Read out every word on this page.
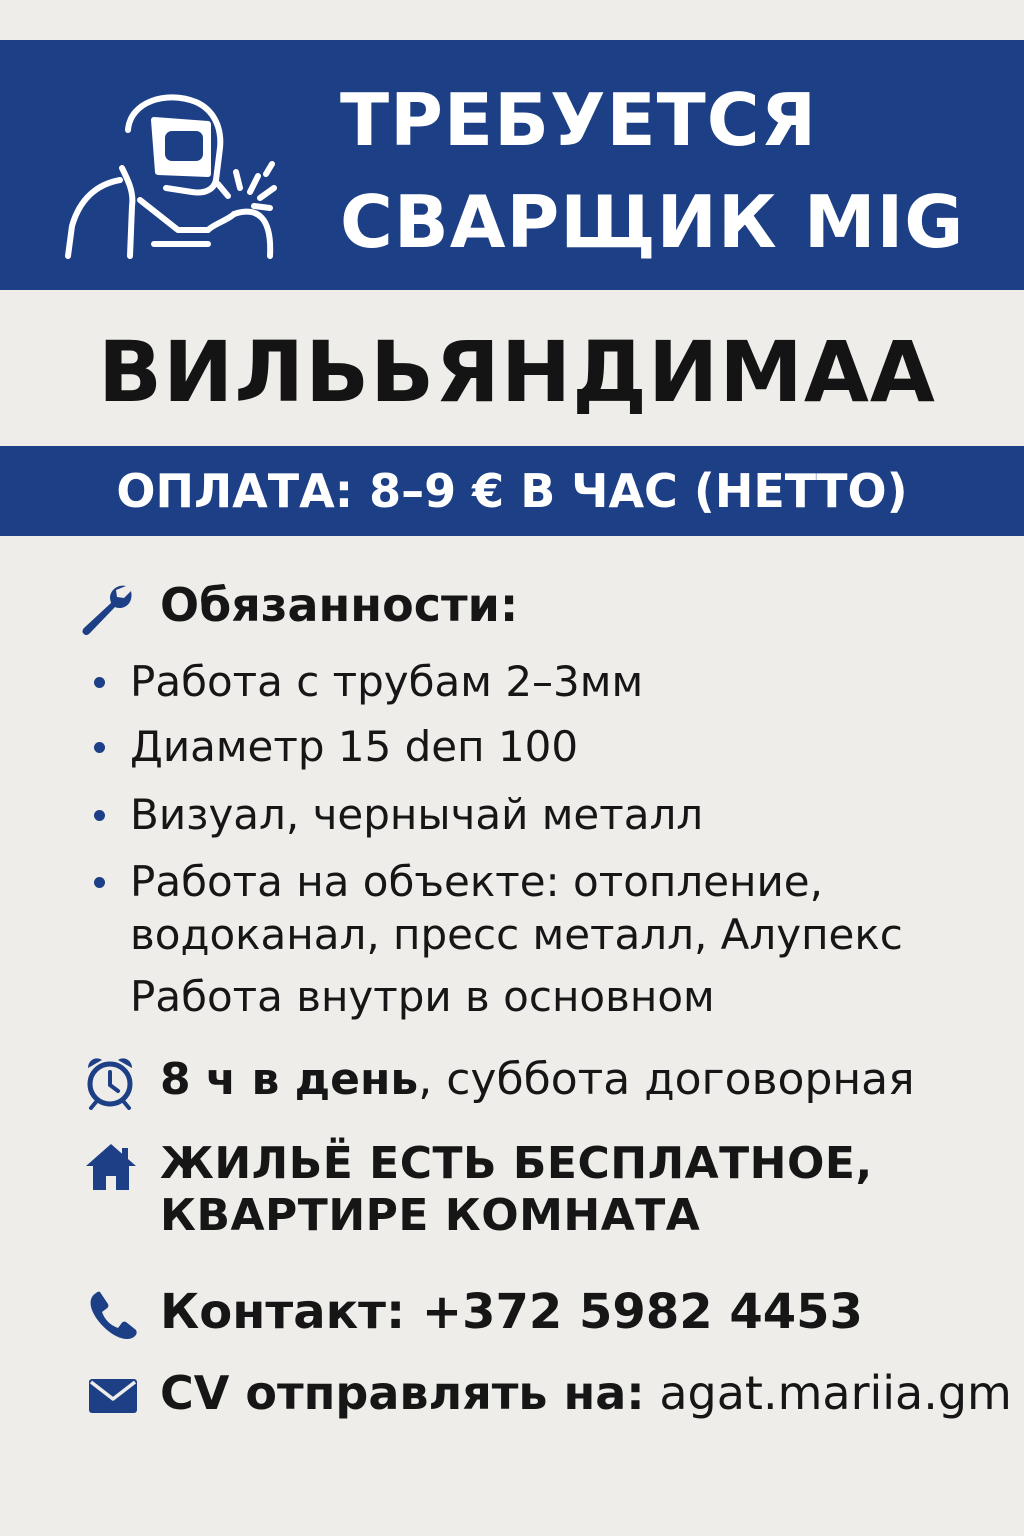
ТРЕБУЕТСЯ
СВАРЩИК MIG
ВИЛЬЬЯНДИМАА
ОПЛАТА: 8–9 € В ЧАС (НЕТТО)
Обязанности:
Работа с трубам 2–3мм
Диаметр 15 deп 100
Визуал, чернычай металл
Работа на объекте: отопление,
водоканал, пресс металл, Алупекс
Работа внутри в основном
8 ч в день, суббота договорная
ЖИЛЬЁ ЕСТЬ БЕСПЛАТНОЕ,
КВАРТИРЕ КОМНАТА
Контакт: +372 5982 4453
CV отправлять на: agat.mariia.gm
